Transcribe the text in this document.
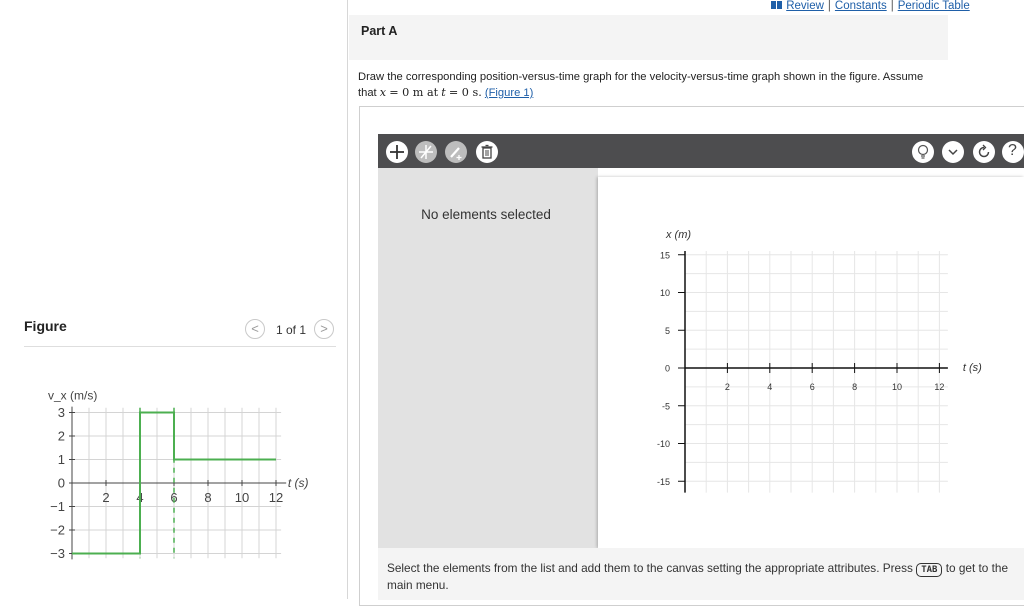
Figure	<	1 of 1	>
2 4 6 8 10 12
3
2
1
0
−1
−2
−3
t (s)
v_x (m/s)
Review | Constants | Periodic Table
Part A
Draw the corresponding position-versus-time graph for the velocity-versus-time graph shown in the figure. Assume
that x = 0 m at t = 0 s. (Figure 1)
?
No elements selected
2	4	6	8	10	12
15
10
5
0
-5
-10
-15
t (s)
x (m)
Select the elements from the list and add them to the canvas setting the appropriate attributes. Press TAB to get to the main menu.
